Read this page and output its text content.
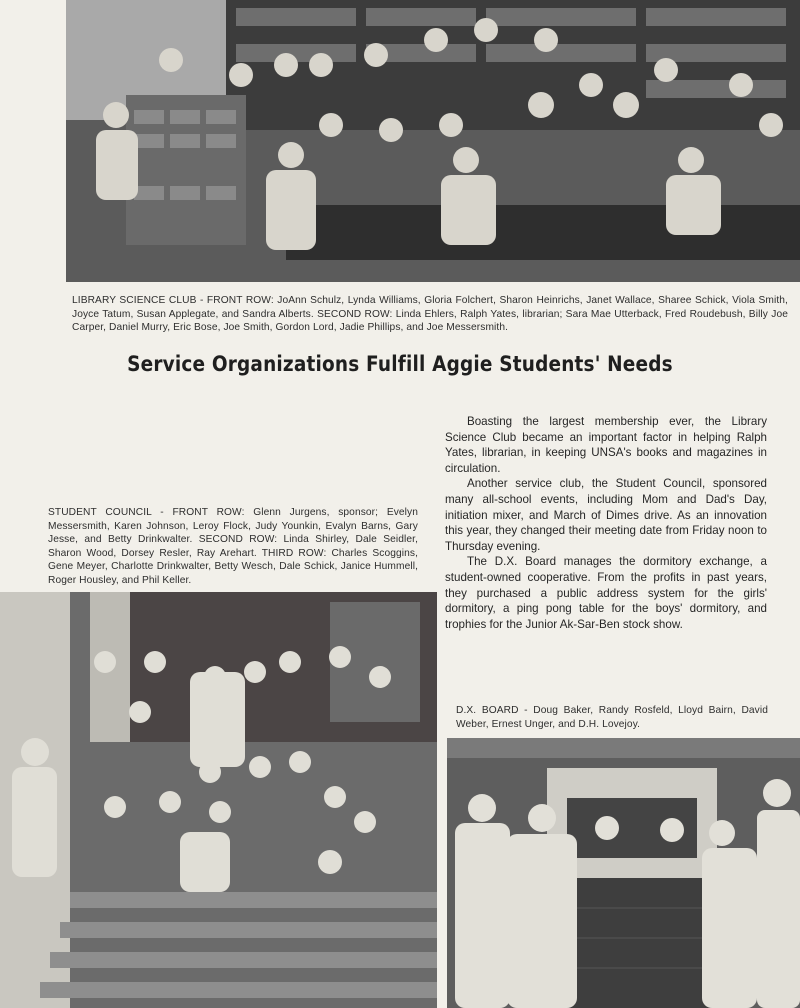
LIBRARY SCIENCE CLUB - FRONT ROW: JoAnn Schulz, Lynda Williams, Gloria Folchert, Sharon Heinrichs, Janet Wallace, Sharee Schick, Viola Smith, Joyce Tatum, Susan Applegate, and Sandra Alberts. SECOND ROW: Linda Ehlers, Ralph Yates, librarian; Sara Mae Utterback, Fred Roudebush, Billy Joe Carper, Daniel Murry, Eric Bose, Joe Smith, Gordon Lord, Jadie Phillips, and Joe Messersmith.
Service Organizations Fulfill Aggie Students' Needs

Boasting the largest membership ever, the Library Science Club became an important factor in helping Ralph Yates, librarian, in keeping UNSA's books and magazines in circulation.

Another service club, the Student Council, sponsored many all-school events, including Mom and Dad's Day, initiation mixer, and March of Dimes drive. As an innovation this year, they changed their meeting date from Friday noon to Thursday evening.

The D.X. Board manages the dormitory exchange, a student-owned cooperative. From the profits in past years, they purchased a public address system for the girls' dormitory, a ping pong table for the boys' dormitory, and trophies for the Junior Ak-Sar-Ben stock show.

STUDENT COUNCIL - FRONT ROW: Glenn Jurgens, sponsor; Evelyn Messersmith, Karen Johnson, Leroy Flock, Judy Younkin, Evalyn Barns, Gary Jesse, and Betty Drinkwalter. SECOND ROW: Linda Shirley, Dale Seidler, Sharon Wood, Dorsey Resler, Ray Arehart. THIRD ROW: Charles Scoggins, Gene Meyer, Charlotte Drinkwalter, Betty Wesch, Dale Schick, Janice Hummell, Roger Housley, and Phil Keller.
D.X. BOARD - Doug Baker, Randy Rosfeld, Lloyd Bairn, David Weber, Ernest Unger, and D.H. Lovejoy.
